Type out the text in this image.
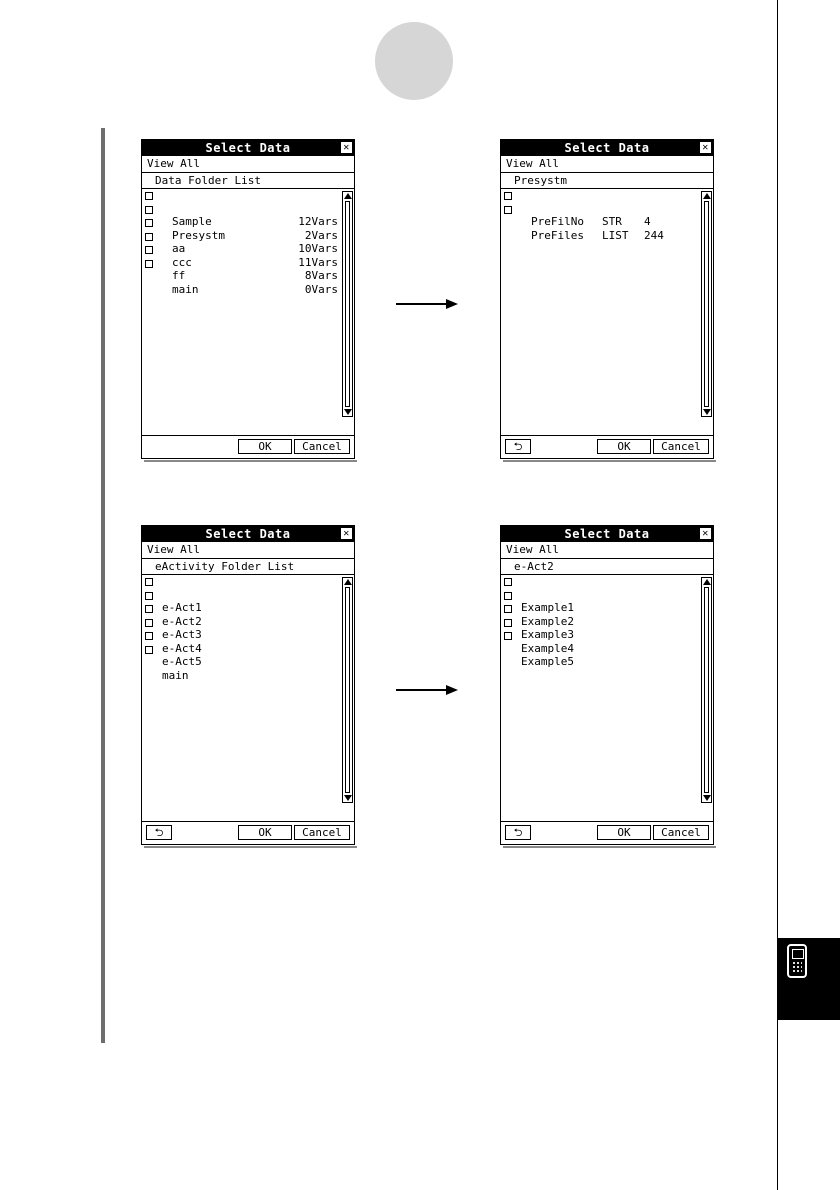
Select Data	✕
View All
Data Folder List

Sample	12Vars

Presystm	2Vars

aa	10Vars

ccc	11Vars

ff	8Vars

main	0Vars
OK	Cancel
Select Data	✕
View All
Presystm

PreFilNo STR 4

PreFiles LIST 244
⮌	OK	Cancel
Select Data	✕
View All
eActivity Folder List

e-Act1

e-Act2

e-Act3

e-Act4

e-Act5

main
⮌	OK	Cancel
Select Data	✕
View All
e-Act2

Example1

Example2

Example3

Example4

Example5
⮌	OK	Cancel
